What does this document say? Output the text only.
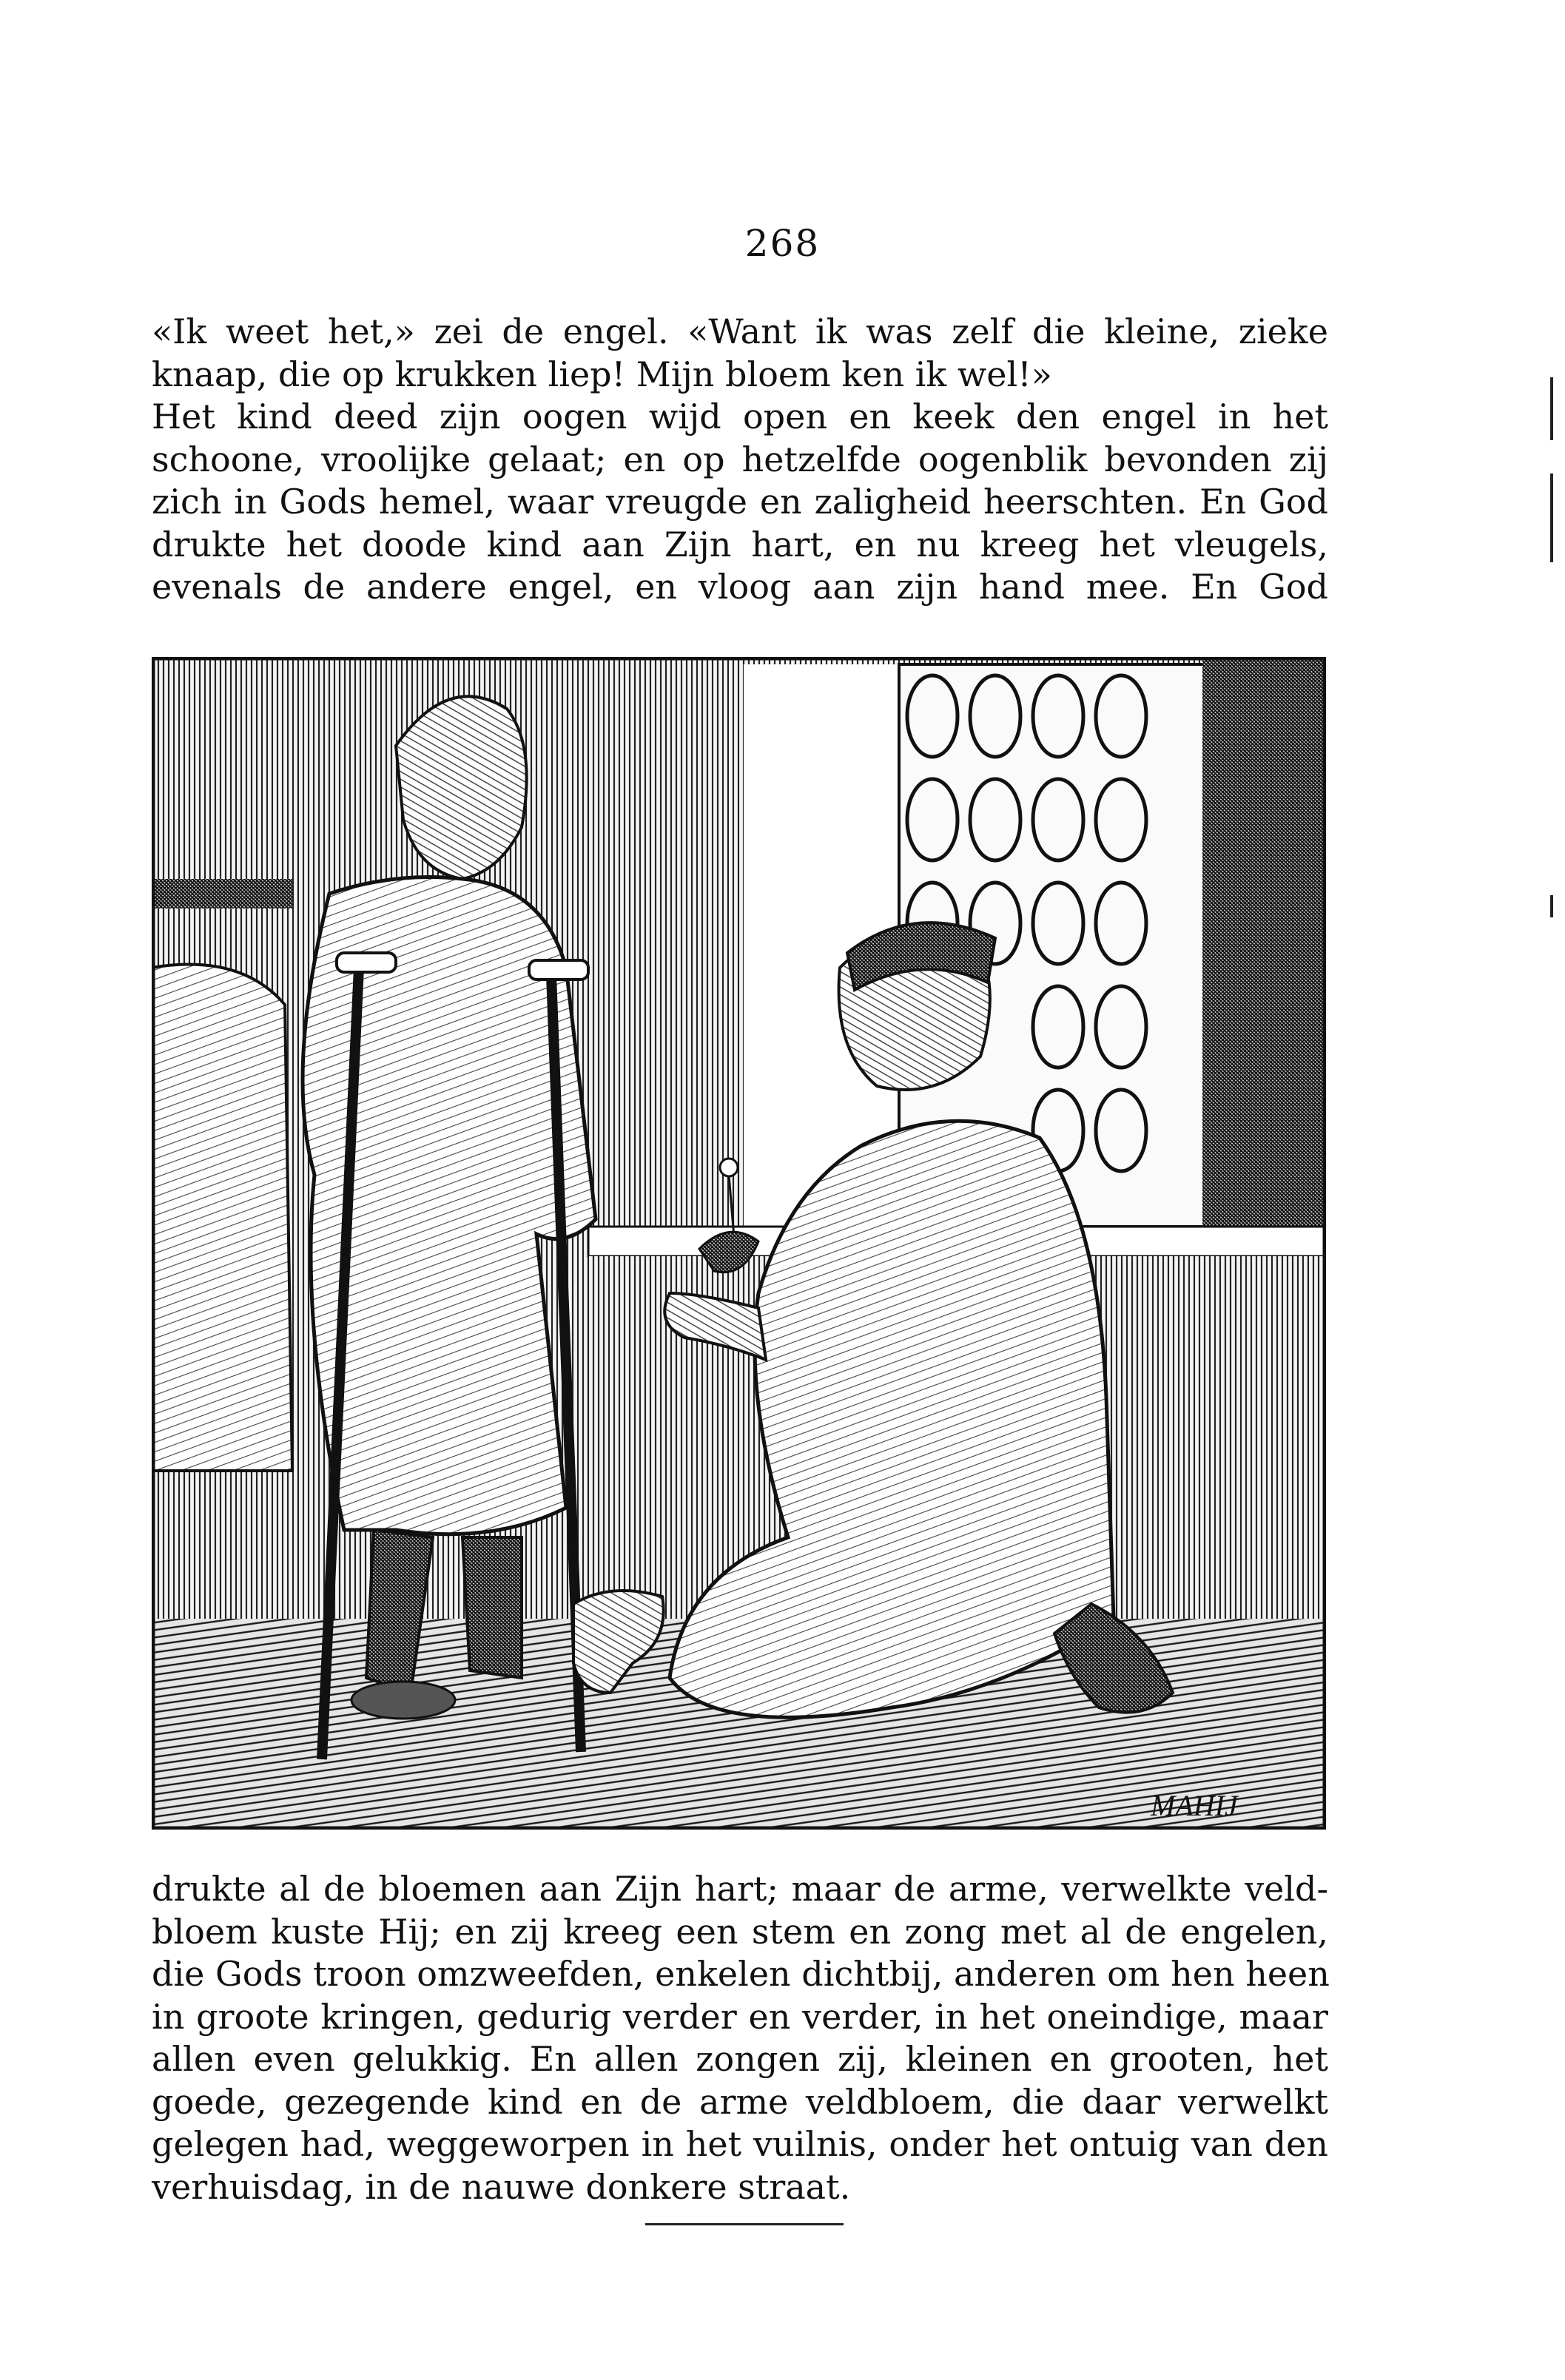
268
«Ik weet het,» zei de engel. «Want ik was zelf die kleine, zieke
knaap, die op krukken liep! Mijn bloem ken ik wel!»
Het kind deed zijn oogen wijd open en keek den engel in het
schoone, vroolijke gelaat; en op hetzelfde oogenblik bevonden zij
zich in Gods hemel, waar vreugde en zaligheid heerschten. En God
drukte het doode kind aan Zijn hart, en nu kreeg het vleugels,
evenals de andere engel, en vloog aan zijn hand mee. En God
MAHIJ
drukte al de bloemen aan Zijn hart; maar de arme, verwelkte veld-
bloem kuste Hij; en zij kreeg een stem en zong met al de engelen,
die Gods troon omzweefden, enkelen dichtbij, anderen om hen heen
in groote kringen, gedurig verder en verder, in het oneindige, maar
allen even gelukkig. En allen zongen zij, kleinen en grooten, het
goede, gezegende kind en de arme veldbloem, die daar verwelkt
gelegen had, weggeworpen in het vuilnis, onder het ontuig van den
verhuisdag, in de nauwe donkere straat.
